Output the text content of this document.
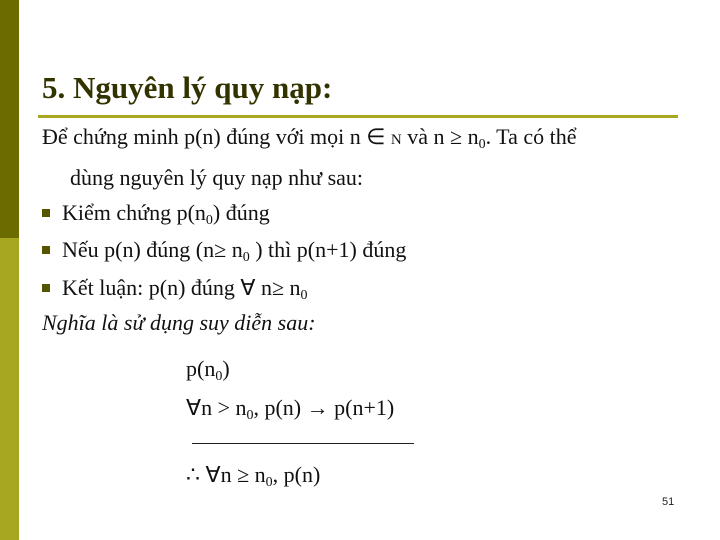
5. Nguyên lý quy nạp:
Để chứng minh p(n) đúng với mọi n ∈ N và $n \ge n_0$. Ta có thể
dùng nguyên lý quy nạp như sau:
Kiểm chứng $p(n_0)$ đúng
Nếu p(n) đúng ($n\ge n_0$ ) thì p(n+1) đúng
Kết luận: p(n) đúng ∀ $n\ge n_0$
Nghĩa là sử dụng suy diễn sau:
$p(n_0)$
∀n > $n_0$, p(n) → p(n+1)
∴ ∀n ≥ $n_0$, p(n)
51
